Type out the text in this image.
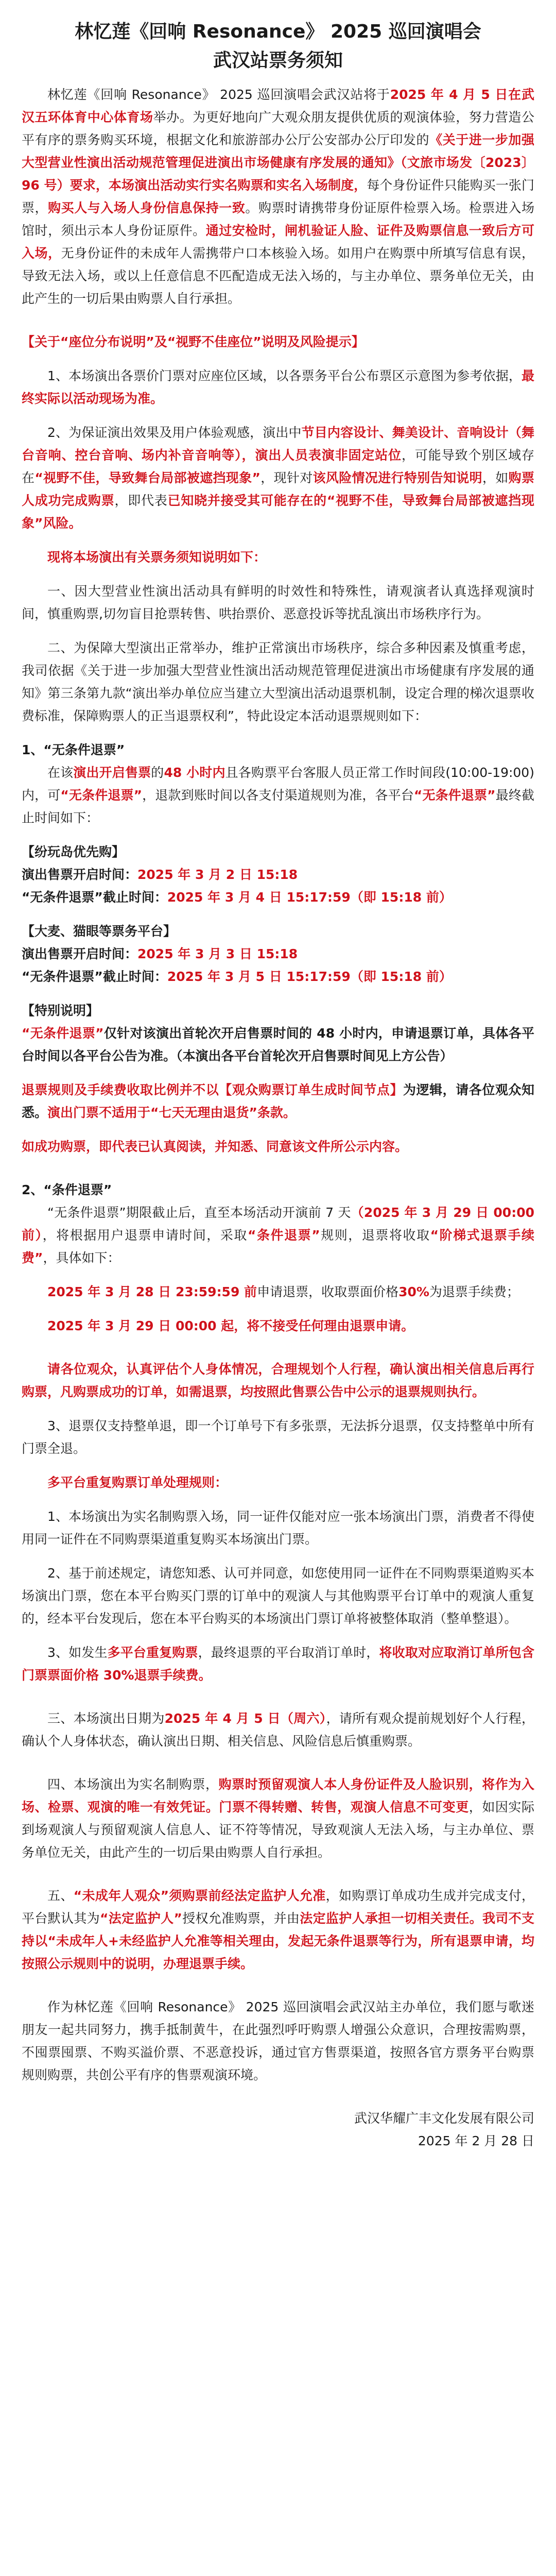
林忆莲《回响 Resonance》 2025 巡回演唱会
武汉站票务须知

林忆莲《回响 Resonance》 2025 巡回演唱会武汉站将于2025 年 4 月 5 日在武汉五环体育中心体育场举办。为更好地向广大观众朋友提供优质的观演体验，努力营造公平有序的票务购买环境，根据文化和旅游部办公厅公安部办公厅印发的《关于进一步加强大型营业性演出活动规范管理促进演出市场健康有序发展的通知》（文旅市场发〔2023〕96 号）要求，本场演出活动实行实名购票和实名入场制度，每个身份证件只能购买一张门票，购买人与入场人身份信息保持一致。购票时请携带身份证原件检票入场。检票进入场馆时，须出示本人身份证原件。通过安检时，闸机验证人脸、证件及购票信息一致后方可入场，无身份证件的未成年人需携带户口本核验入场。如用户在购票中所填写信息有误，导致无法入场，或以上任意信息不匹配造成无法入场的，与主办单位、票务单位无关，由此产生的一切后果由购票人自行承担。

【关于“座位分布说明”及“视野不佳座位”说明及风险提示】

1、本场演出各票价门票对应座位区域，以各票务平台公布票区示意图为参考依据，最终实际以活动现场为准。

2、为保证演出效果及用户体验观感，演出中节目内容设计、舞美设计、音响设计（舞台音响、控台音响、场内补音音响等），演出人员表演非固定站位，可能导致个别区域存在“视野不佳，导致舞台局部被遮挡现象”，现针对该风险情况进行特别告知说明，如购票人成功完成购票，即代表已知晓并接受其可能存在的“视野不佳，导致舞台局部被遮挡现象”风险。

现将本场演出有关票务须知说明如下：

一、因大型营业性演出活动具有鲜明的时效性和特殊性，请观演者认真选择观演时间，慎重购票,切勿盲目抢票转售、哄抬票价、恶意投诉等扰乱演出市场秩序行为。

二、为保障大型演出正常举办，维护正常演出市场秩序，综合多种因素及慎重考虑，我司依据《关于进一步加强大型营业性演出活动规范管理促进演出市场健康有序发展的通知》第三条第九款“演出举办单位应当建立大型演出活动退票机制，设定合理的梯次退票收费标准，保障购票人的正当退票权利”，特此设定本活动退票规则如下：

1、“无条件退票”

在该演出开启售票的48 小时内且各购票平台客服人员正常工作时间段(10:00-19:00)内，可“无条件退票”，退款到账时间以各支付渠道规则为准，各平台“无条件退票”最终截止时间如下：

【纷玩岛优先购】

演出售票开启时间：2025 年 3 月 2 日 15:18

“无条件退票”截止时间：2025 年 3 月 4 日 15:17:59（即 15:18 前）

【大麦、猫眼等票务平台】

演出售票开启时间：2025 年 3 月 3 日 15:18

“无条件退票”截止时间：2025 年 3 月 5 日 15:17:59（即 15:18 前）

【特别说明】

“无条件退票”仅针对该演出首轮次开启售票时间的 48 小时内，申请退票订单，具体各平台时间以各平台公告为准。（本演出各平台首轮次开启售票时间见上方公告）

退票规则及手续费收取比例并不以【观众购票订单生成时间节点】为逻辑，请各位观众知悉。演出门票不适用于“七天无理由退货”条款。

如成功购票，即代表已认真阅读，并知悉、同意该文件所公示内容。

2、“条件退票”

“无条件退票”期限截止后，直至本场活动开演前 7 天（2025 年 3 月 29 日 00:00 前），将根据用户退票申请时间，采取“条件退票”规则，退票将收取“阶梯式退票手续费”，具体如下：

2025 年 3 月 28 日 23:59:59 前申请退票，收取票面价格30%为退票手续费；

2025 年 3 月 29 日 00:00 起，将不接受任何理由退票申请。

请各位观众，认真评估个人身体情况，合理规划个人行程，确认演出相关信息后再行购票，凡购票成功的订单，如需退票，均按照此售票公告中公示的退票规则执行。

3、退票仅支持整单退，即一个订单号下有多张票，无法拆分退票，仅支持整单中所有门票全退。

多平台重复购票订单处理规则：

1、本场演出为实名制购票入场，同一证件仅能对应一张本场演出门票，消费者不得使用同一证件在不同购票渠道重复购买本场演出门票。

2、基于前述规定，请您知悉、认可并同意，如您使用同一证件在不同购票渠道购买本场演出门票，您在本平台购买门票的订单中的观演人与其他购票平台订单中的观演人重复的，经本平台发现后，您在本平台购买的本场演出门票订单将被整体取消（整单整退）。

3、如发生多平台重复购票，最终退票的平台取消订单时，将收取对应取消订单所包含门票票面价格 30%退票手续费。

三、本场演出日期为2025 年 4 月 5 日（周六），请所有观众提前规划好个人行程，确认个人身体状态，确认演出日期、相关信息、风险信息后慎重购票。

四、本场演出为实名制购票，购票时预留观演人本人身份证件及人脸识别，将作为入场、检票、观演的唯一有效凭证。门票不得转赠、转售，观演人信息不可变更，如因实际到场观演人与预留观演人信息人、证不符等情况，导致观演人无法入场，与主办单位、票务单位无关，由此产生的一切后果由购票人自行承担。

五、“未成年人观众”须购票前经法定监护人允准，如购票订单成功生成并完成支付，平台默认其为“法定监护人”授权允准购票，并由法定监护人承担一切相关责任。我司不支持以“未成年人+未经监护人允准等相关理由，发起无条件退票等行为，所有退票申请，均按照公示规则中的说明，办理退票手续。

作为林忆莲《回响 Resonance》 2025 巡回演唱会武汉站主办单位，我们愿与歌迷朋友一起共同努力，携手抵制黄牛，在此强烈呼吁购票人增强公众意识，合理按需购票，不囤票囤票、不购买溢价票、不恶意投诉，通过官方售票渠道，按照各官方票务平台购票规则购票，共创公平有序的售票观演环境。

武汉华耀广丰文化发展有限公司

2025 年 2 月 28 日
